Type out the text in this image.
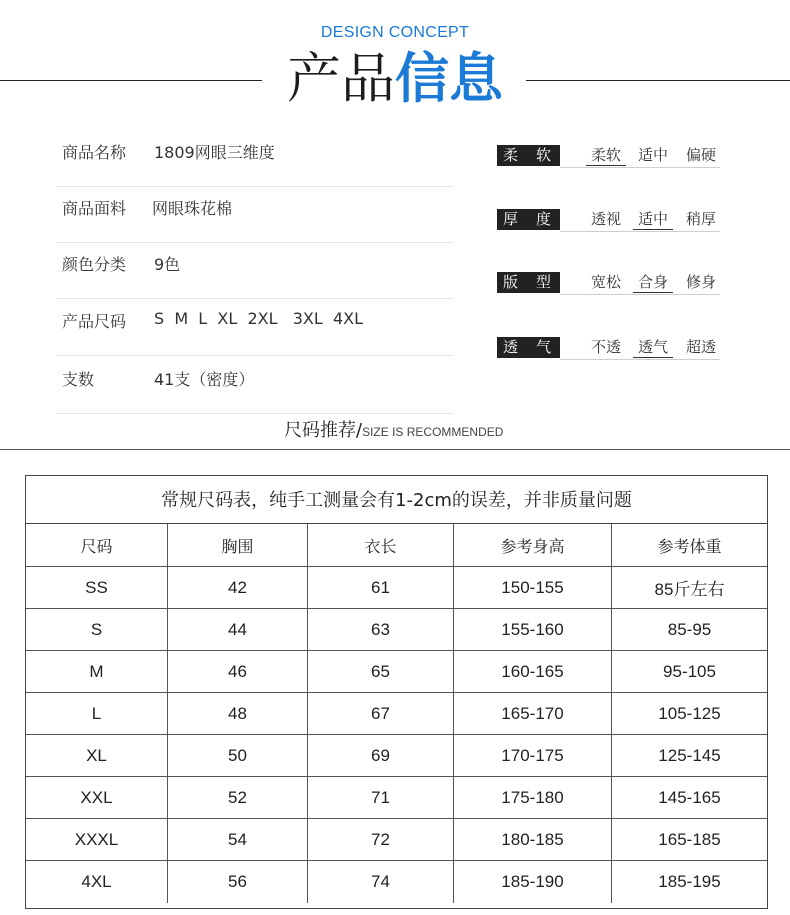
DESIGN CONCEPT
产品信息
商品名称 1809网眼三维度
商品面料 网眼珠花棉
颜色分类 9色
产品尺码 S  M  L  XL  2XL   3XL  4XL
支数	41支（密度）
柔软	柔软	适中	偏硬
厚度	透视	适中	稍厚
版型	宽松	合身	修身
透气	不透	透气	超透
尺码推荐/SIZE IS RECOMMENDED
常规尺码表，纯手工测量会有1-2cm的误差，并非质量问题
尺码	胸围	衣长	参考身高	参考体重
SS	42	61	150-155	85斤左右
S	44	63	155-160	85-95
M	46	65	160-165	95-105
L	48	67	165-170	105-125
XL	50	69	170-175	125-145
XXL	52	71	175-180	145-165
XXXL	54	72	180-185	165-185
4XL	56	74	185-190	185-195
